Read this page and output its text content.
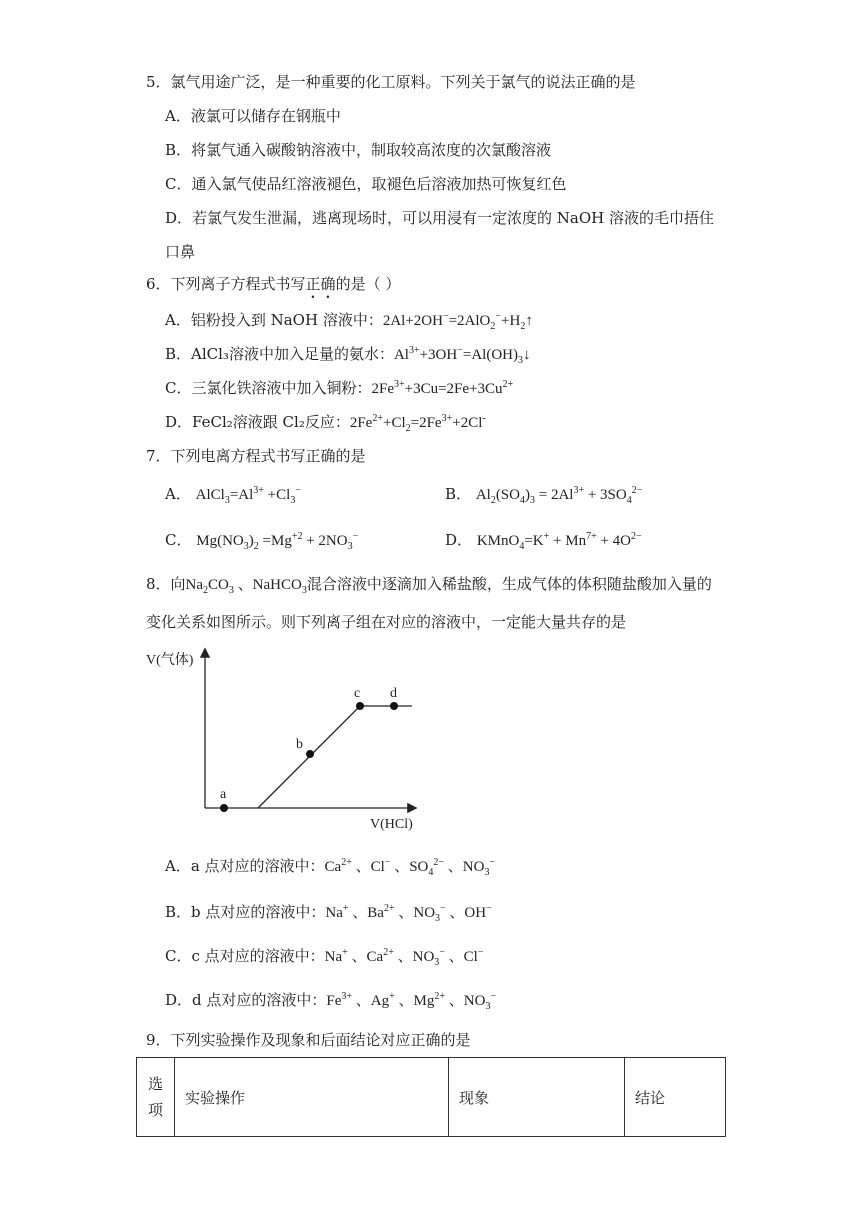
5．氯气用途广泛，是一种重要的化工原料。下列关于氯气的说法正确的是
A．液氯可以储存在钢瓶中
B．将氯气通入碳酸钠溶液中，制取较高浓度的次氯酸溶液
C．通入氯气使品红溶液褪色，取褪色后溶液加热可恢复红色
D．若氯气发生泄漏，逃离现场时，可以用浸有一定浓度的 NaOH 溶液的毛巾捂住
口鼻
6．下列离子方程式书写正确的是（ ）
A．铝粉投入到 NaOH 溶液中：$2Al+2OH^-=2AlO_2^-+H_2↑$
B．AlCl₃溶液中加入足量的氨水：$Al^{3+}+3OH^-=Al(OH)_3↓$
C．三氯化铁溶液中加入铜粉：$2Fe^{3+}+3Cu=2Fe+3Cu^{2+}$
D．FeCl₂溶液跟 Cl₂反应：$2Fe^{2+}+Cl_2=2Fe^{3+}+2Cl^-$
7．下列电离方程式书写正确的是
A． $AlCl_3=Al^{3+} +Cl_3^-$	B． $Al_2(SO_4)_3 = 2Al^{3+} + 3SO_4^{2-}$
C． $Mg(NO_3)_2 =Mg^{+2} + 2NO_3^-$	D． KMnO$_4$=K+ + $Mn^{7+} + 4O^{2-}$
8．向$Na_2CO_3$ 、NaHCO$_3$混合溶液中逐滴加入稀盐酸，生成气体的体积随盐酸加入量的
变化关系如图所示。则下列离子组在对应的溶液中，一定能大量共存的是
V(气体)
V(HCl)
a
b
c d
A．a 点对应的溶液中：$Ca^{2+}$ 、Cl− 、$SO_4^{2-}$ 、$NO_3^-$
B．b 点对应的溶液中：Na+ 、$Ba^{2+}$ 、$NO_3^-$ 、OH−
C．c 点对应的溶液中：Na+ 、$Ca^{2+}$ 、$NO_3^-$ 、Cl−
D．d 点对应的溶液中：$Fe^{3+}$ 、Ag+ 、$Mg^{2+}$ 、$NO_3^-$
9．下列实验操作及现象和后面结论对应正确的是
选项	实验操作	现象	结论
